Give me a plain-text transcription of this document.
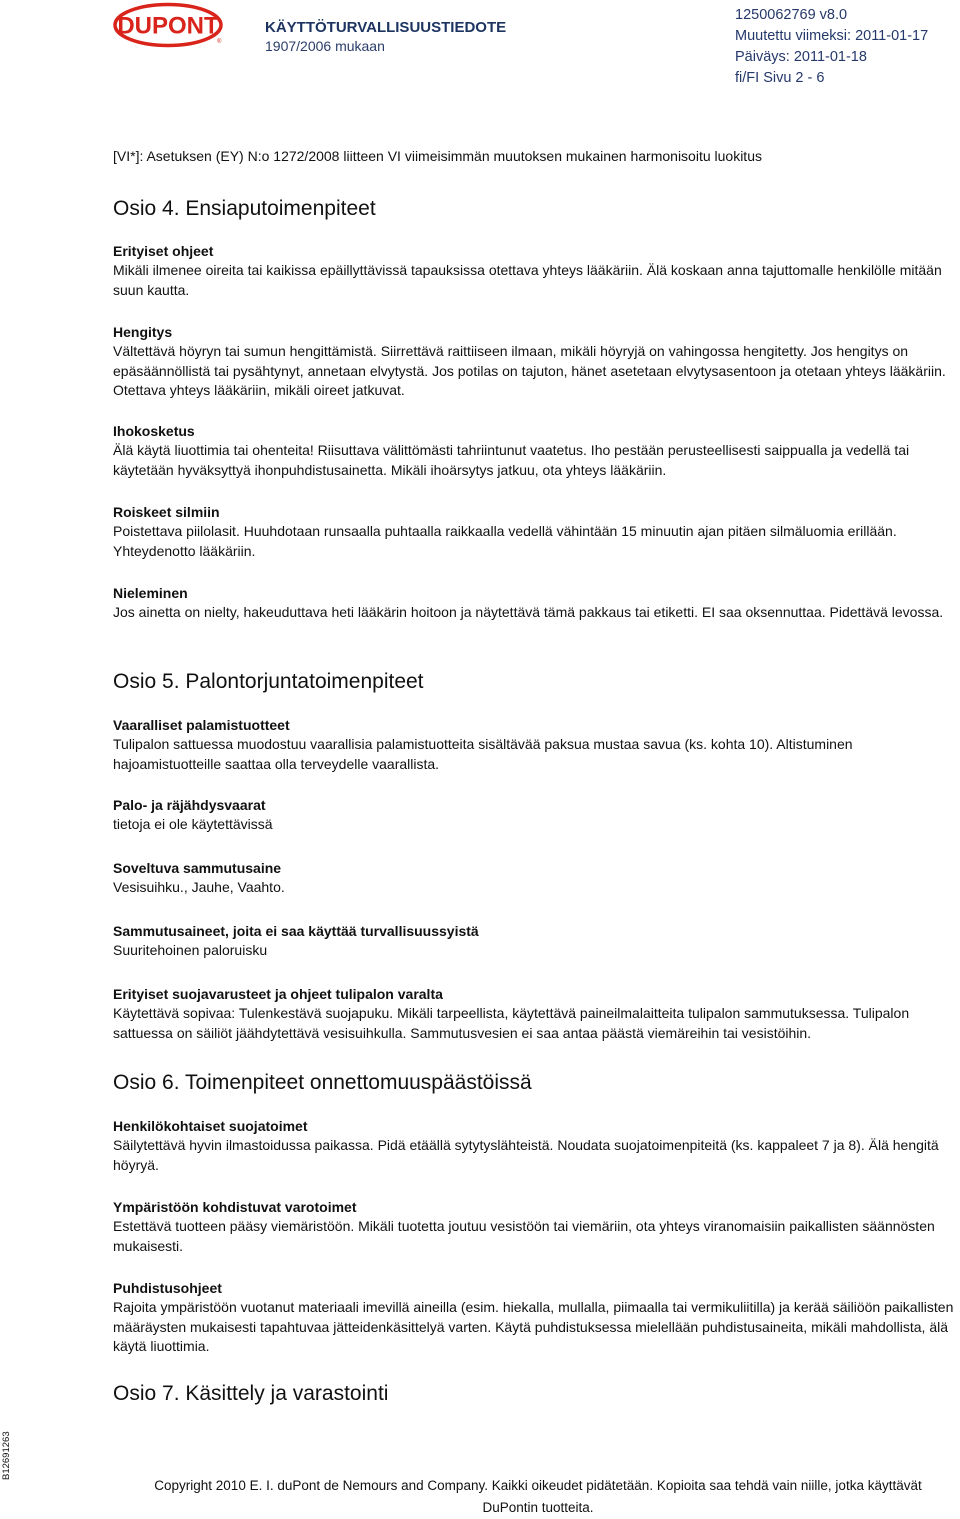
DUPONT
®
KÄYTTÖTURVALLISUUSTIEDOTE
1907/2006 mukaan
1250062769 v8.0
Muutettu viimeksi: 2011-01-17
Päiväys: 2011-01-18
fi/FI Sivu 2 - 6
[VI*]: Asetuksen (EY) N:o 1272/2008 liitteen VI viimeisimmän muutoksen mukainen harmonisoitu luokitus
Osio 4. Ensiaputoimenpiteet
Erityiset ohjeet

Mikäli ilmenee oireita tai kaikissa epäillyttävissä tapauksissa otettava yhteys lääkäriin. Älä koskaan anna tajuttomalle henkilölle mitään suun kautta.

Hengitys

Vältettävä höyryn tai sumun hengittämistä. Siirrettävä raittiiseen ilmaan, mikäli höyryjä on vahingossa hengitetty. Jos hengitys on epäsäännöllistä tai pysähtynyt, annetaan elvytystä. Jos potilas on tajuton, hänet asetetaan elvytysasentoon ja otetaan yhteys lääkäriin. Otettava yhteys lääkäriin, mikäli oireet jatkuvat.

Ihokosketus

Älä käytä liuottimia tai ohenteita! Riisuttava välittömästi tahriintunut vaatetus. Iho pestään perusteellisesti saippualla ja vedellä tai käytetään hyväksyttyä ihonpuhdistusainetta. Mikäli ihoärsytys jatkuu, ota yhteys lääkäriin.

Roiskeet silmiin

Poistettava piilolasit. Huuhdotaan runsaalla puhtaalla raikkaalla vedellä vähintään 15 minuutin ajan pitäen silmäluomia erillään. Yhteydenotto lääkäriin.

Nieleminen

Jos ainetta on nielty, hakeuduttava heti lääkärin hoitoon ja näytettävä tämä pakkaus tai etiketti. EI saa oksennuttaa. Pidettävä levossa.

Osio 5. Palontorjuntatoimenpiteet
Vaaralliset palamistuotteet

Tulipalon sattuessa muodostuu vaarallisia palamistuotteita sisältävää paksua mustaa savua (ks. kohta 10). Altistuminen hajoamistuotteille saattaa olla terveydelle vaarallista.

Palo- ja räjähdysvaarat

tietoja ei ole käytettävissä

Soveltuva sammutusaine

Vesisuihku., Jauhe, Vaahto.

Sammutusaineet, joita ei saa käyttää turvallisuussyistä

Suuritehoinen paloruisku

Erityiset suojavarusteet ja ohjeet tulipalon varalta

Käytettävä sopivaa: Tulenkestävä suojapuku. Mikäli tarpeellista, käytettävä paineilmalaitteita tulipalon sammutuksessa. Tulipalon sattuessa on säiliöt jäähdytettävä vesisuihkulla. Sammutusvesien ei saa antaa päästä viemäreihin tai vesistöihin.

Osio 6. Toimenpiteet onnettomuuspäästöissä
Henkilökohtaiset suojatoimet

Säilytettävä hyvin ilmastoidussa paikassa. Pidä etäällä sytytyslähteistä. Noudata suojatoimenpiteitä (ks. kappaleet 7 ja 8). Älä hengitä höyryä.

Ympäristöön kohdistuvat varotoimet

Estettävä tuotteen pääsy viemäristöön. Mikäli tuotetta joutuu vesistöön tai viemäriin, ota yhteys viranomaisiin paikallisten säännösten mukaisesti.

Puhdistusohjeet

Rajoita ympäristöön vuotanut materiaali imevillä aineilla (esim. hiekalla, mullalla, piimaalla tai vermikuliitilla) ja kerää säiliöön paikallisten määräysten mukaisesti tapahtuvaa jätteidenkäsittelyä varten. Käytä puhdistuksessa mielellään puhdistusaineita, mikäli mahdollista, älä käytä liuottimia.

Osio 7. Käsittely ja varastointi
B12691263
Copyright 2010 E. I. duPont de Nemours and Company. Kaikki oikeudet pidätetään. Kopioita saa tehdä vain niille, jotka käyttävät
DuPontin tuotteita.
